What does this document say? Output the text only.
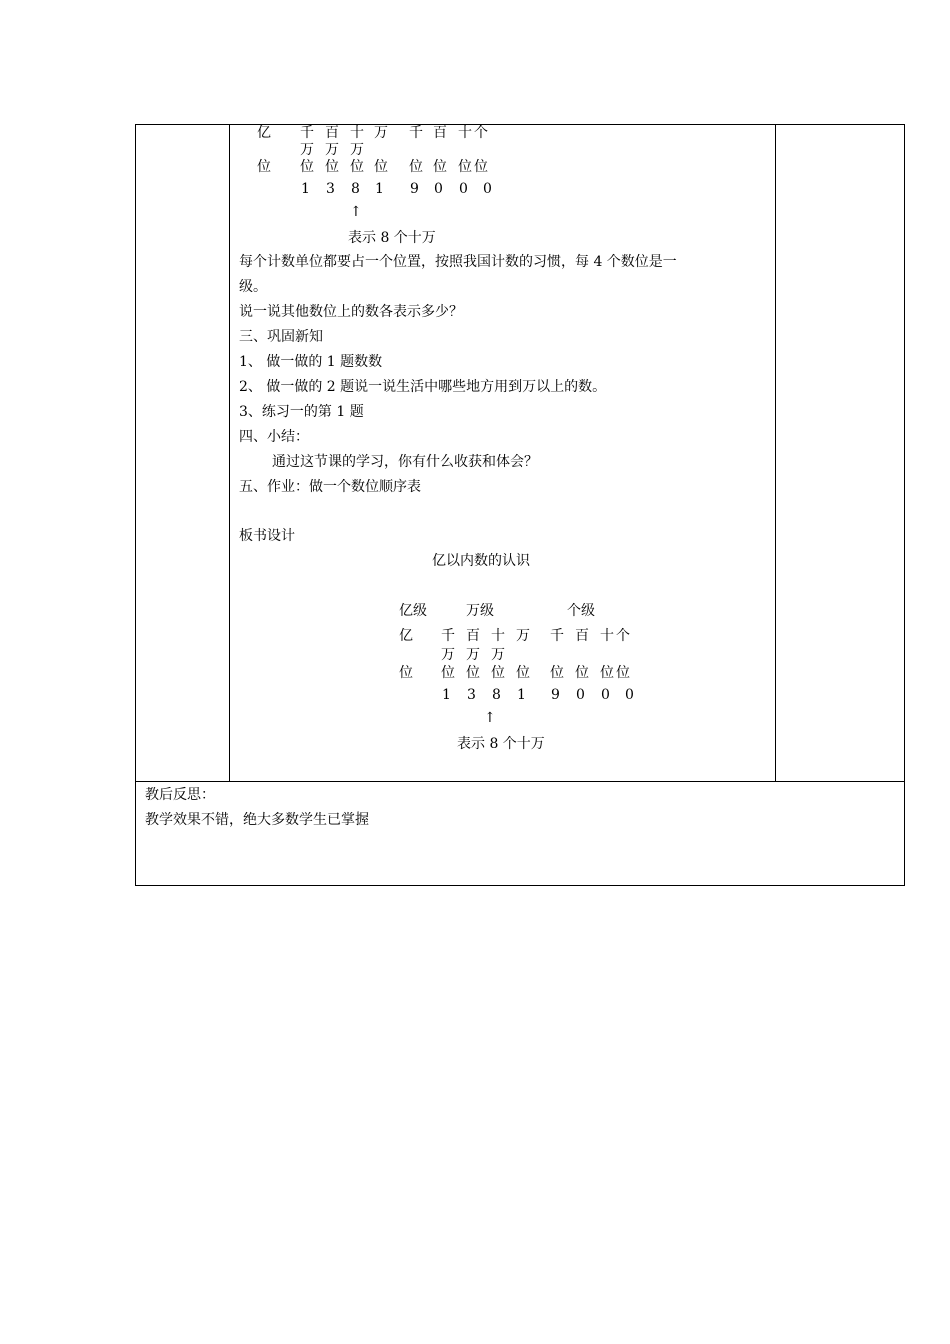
亿 千 百 十 万 千 百 十 个
万 万 万
位 位 位 位 位 位 位 位 位
1 3 8 1 9 0 0 0
↑
表示 8 个十万
每个计数单位都要占一个位置，按照我国计数的习惯，每 4 个数位是一
级。
说一说其他数位上的数各表示多少？
三、巩固新知
1、 做一做的 1 题数数
2、 做一做的 2 题说一说生活中哪些地方用到万以上的数。
3、练习一的第 1 题
四、小结：
通过这节课的学习，你有什么收获和体会？
五、作业：做一个数位顺序表
板书设计
亿以内数的认识
亿级	万级	个级
亿 千 百 十 万 千 百 十 个
万 万 万
位 位 位 位 位 位 位 位 位
1 3 8 1 9 0 0 0
↑
表示 8 个十万
教后反思：
教学效果不错，绝大多数学生已掌握
